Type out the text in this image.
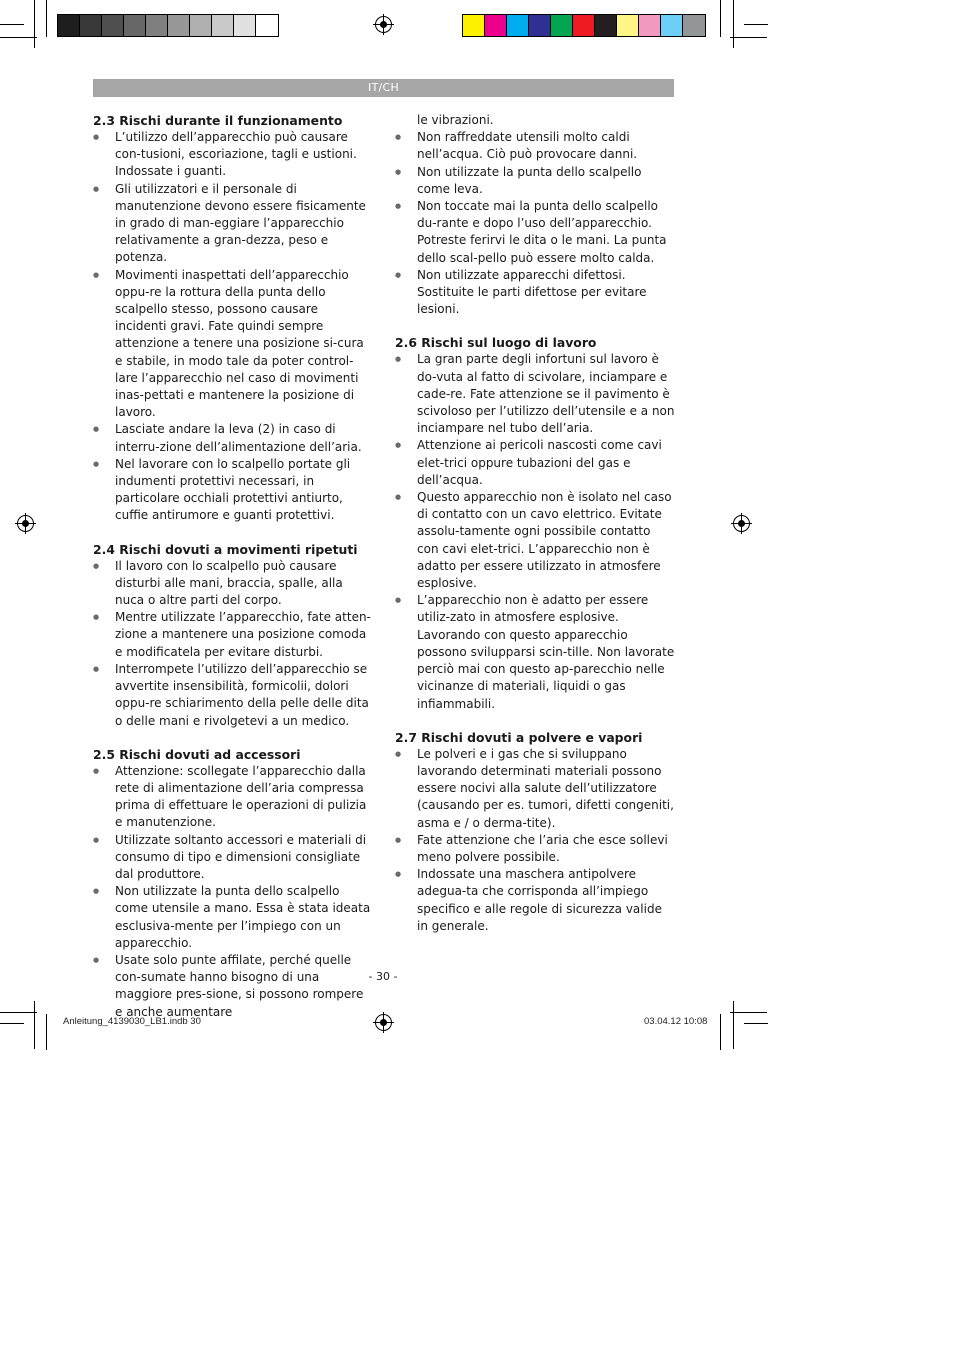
IT/CH
2.3 Rischi durante il funzionamento
● L’utilizzo dell’apparecchio può causare con-tusioni, escoriazione, tagli e ustioni. Indossate i guanti.
● Gli utilizzatori e il personale di manutenzione devono essere fisicamente in grado di man-eggiare l’apparecchio relativamente a gran-dezza, peso e potenza.
● Movimenti inaspettati dell’apparecchio oppu-re la rottura della punta dello scalpello stesso, possono causare incidenti gravi. Fate quindi sempre attenzione a tenere una posizione si-cura e stabile, in modo tale da poter control-lare l’apparecchio nel caso di movimenti inas-pettati e mantenere la posizione di lavoro.
● Lasciate andare la leva (2) in caso di interru-zione dell’alimentazione dell’aria.
● Nel lavorare con lo scalpello portate gli indumenti protettivi necessari, in particolare occhiali protettivi antiurto, cuffie antirumore e guanti protettivi.
2.4 Rischi dovuti a movimenti ripetuti
● Il lavoro con lo scalpello può causare disturbi alle mani, braccia, spalle, alla nuca o altre parti del corpo.
● Mentre utilizzate l’apparecchio, fate atten-zione a mantenere una posizione comoda e modificatela per evitare disturbi.
● Interrompete l’utilizzo dell’apparecchio se avvertite insensibilità, formicolii, dolori oppu-re schiarimento della pelle delle dita o delle mani e rivolgetevi a un medico.
2.5 Rischi dovuti ad accessori
● Attenzione: scollegate l’apparecchio dalla rete di alimentazione dell’aria compressa prima di effettuare le operazioni di pulizia e manutenzione.
● Utilizzate soltanto accessori e materiali di consumo di tipo e dimensioni consigliate dal produttore.
● Non utilizzate la punta dello scalpello come utensile a mano. Essa è stata ideata esclusiva-mente per l’impiego con un apparecchio.
● Usate solo punte affilate, perché quelle con-sumate hanno bisogno di una maggiore pres-sione, si possono rompere e anche aumentare
le vibrazioni.
● Non raffreddate utensili molto caldi nell’acqua. Ciò può provocare danni.
● Non utilizzate la punta dello scalpello come leva.
● Non toccate mai la punta dello scalpello du-rante e dopo l’uso dell’apparecchio. Potreste ferirvi le dita o le mani. La punta dello scal-pello può essere molto calda.
● Non utilizzate apparecchi difettosi. Sostituite le parti difettose per evitare lesioni.
2.6 Rischi sul luogo di lavoro
● La gran parte degli infortuni sul lavoro è do-vuta al fatto di scivolare, inciampare e cade-re. Fate attenzione se il pavimento è scivoloso per l’utilizzo dell’utensile e a non inciampare nel tubo dell’aria.
● Attenzione ai pericoli nascosti come cavi elet-trici oppure tubazioni del gas e dell’acqua.
● Questo apparecchio non è isolato nel caso di contatto con un cavo elettrico. Evitate assolu-tamente ogni possibile contatto con cavi elet-trici. L’apparecchio non è adatto per essere utilizzato in atmosfere esplosive.
● L’apparecchio non è adatto per essere utiliz-zato in atmosfere esplosive. Lavorando con questo apparecchio possono svilupparsi scin-tille. Non lavorate perciò mai con questo ap-parecchio nelle vicinanze di materiali, liquidi o gas infiammabili.
2.7 Rischi dovuti a polvere e vapori
● Le polveri e i gas che si sviluppano lavorando determinati materiali possono essere nocivi alla salute dell’utilizzatore (causando per es. tumori, difetti congeniti, asma e / o derma-tite).
● Fate attenzione che l’aria che esce sollevi meno polvere possibile.
● Indossate una maschera antipolvere adegua-ta che corrisponda all’impiego specifico e alle regole di sicurezza valide in generale.
- 30 -
Anleitung_4139030_LB1.indb 30	03.04.12 10:08
